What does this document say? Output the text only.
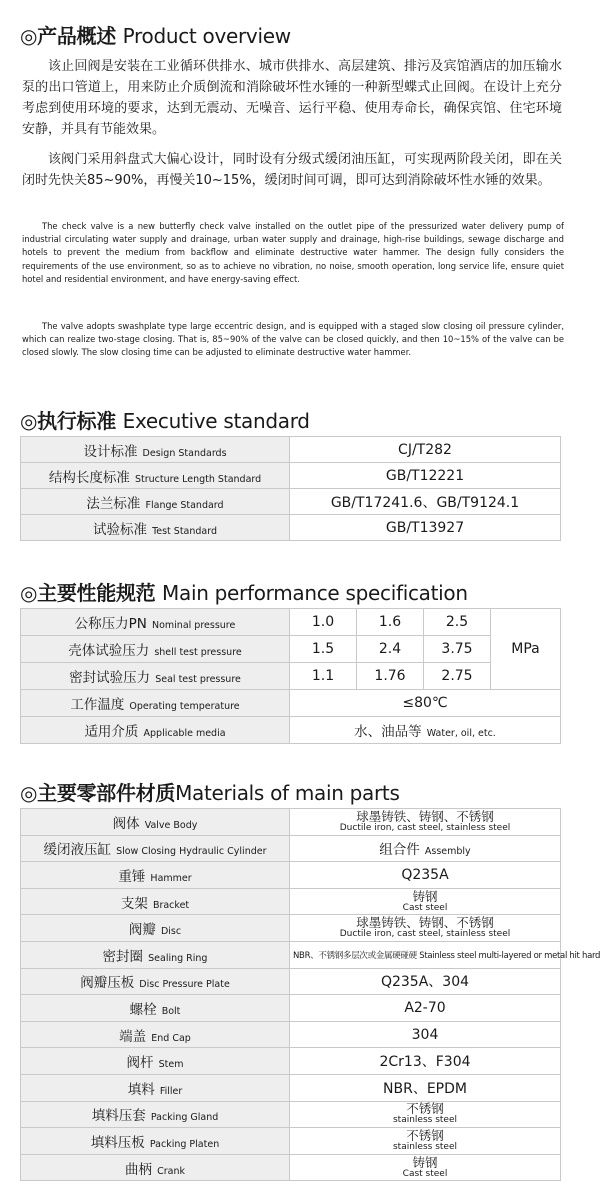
◎产品概述 Product overview

该止回阀是安装在工业循环供排水、城市供排水、高层建筑、排污及宾馆酒店的加压输水泵的出口管道上，用来防止介质倒流和消除破坏性水锤的一种新型蝶式止回阀。在设计上充分考虑到使用环境的要求，达到无震动、无噪音、运行平稳、使用寿命长，确保宾馆、住宅环境安静，并具有节能效果。

该阀门采用斜盘式大偏心设计，同时设有分级式缓闭油压缸，可实现两阶段关闭，即在关闭时先快关85~90%，再慢关10~15%，缓闭时间可调，即可达到消除破坏性水锤的效果。

The check valve is a new butterfly check valve installed on the outlet pipe of the pressurized water delivery pump of industrial circulating water supply and drainage, urban water supply and drainage, high-rise buildings, sewage discharge and hotels to prevent the medium from backflow and eliminate destructive water hammer. The design fully considers the requirements of the use environment, so as to achieve no vibration, no noise, smooth operation, long service life, ensure quiet hotel and residential environment, and have energy-saving effect.

The valve adopts swashplate type large eccentric design, and is equipped with a staged slow closing oil pressure cylinder, which can realize two-stage closing. That is, 85~90% of the valve can be closed quickly, and then 10~15% of the valve can be closed slowly. The slow closing time can be adjusted to eliminate destructive water hammer.

◎执行标准 Executive standard
设计标准 Design Standards	CJ/T282
结构长度标准 Structure Length Standard	GB/T12221
法兰标准 Flange Standard	GB/T17241.6、GB/T9124.1
试验标准 Test Standard	GB/T13927
◎主要性能规范 Main performance specification
公称压力PN Nominal pressure	1.0	1.6	2.5	MPa
壳体试验压力 shell test pressure	1.5	2.4	3.75	
密封试验压力 Seal test pressure	1.1	1.76	2.75	
工作温度 Operating temperature	≤80℃			
适用介质 Applicable media	水、油品等 Water, oil, etc.			
◎主要零部件材质Materials of main parts
阀体 Valve Body	球墨铸铁、铸钢、不锈钢
Ductile iron, cast steel, stainless steel

缓闭液压缸 Slow Closing Hydraulic Cylinder	组合件 Assembly
重锤 Hammer	Q235A
支架 Bracket	铸钢
Cast steel

阀瓣 Disc	球墨铸铁、铸钢、不锈钢
Ductile iron, cast steel, stainless steel

密封圈 Sealing Ring	NBR、不锈钢多层次或金属硬碰硬 Stainless steel multi-layered or metal hit hard
阀瓣压板 Disc Pressure Plate	Q235A、304
螺栓 Bolt	A2-70
端盖 End Cap	304
阀杆 Stem	2Cr13、F304
填料 Filler	NBR、EPDM
填料压套 Packing Gland	不锈钢
stainless steel

填料压板 Packing Platen	不锈钢
stainless steel

曲柄 Crank	铸钢
Cast steel
